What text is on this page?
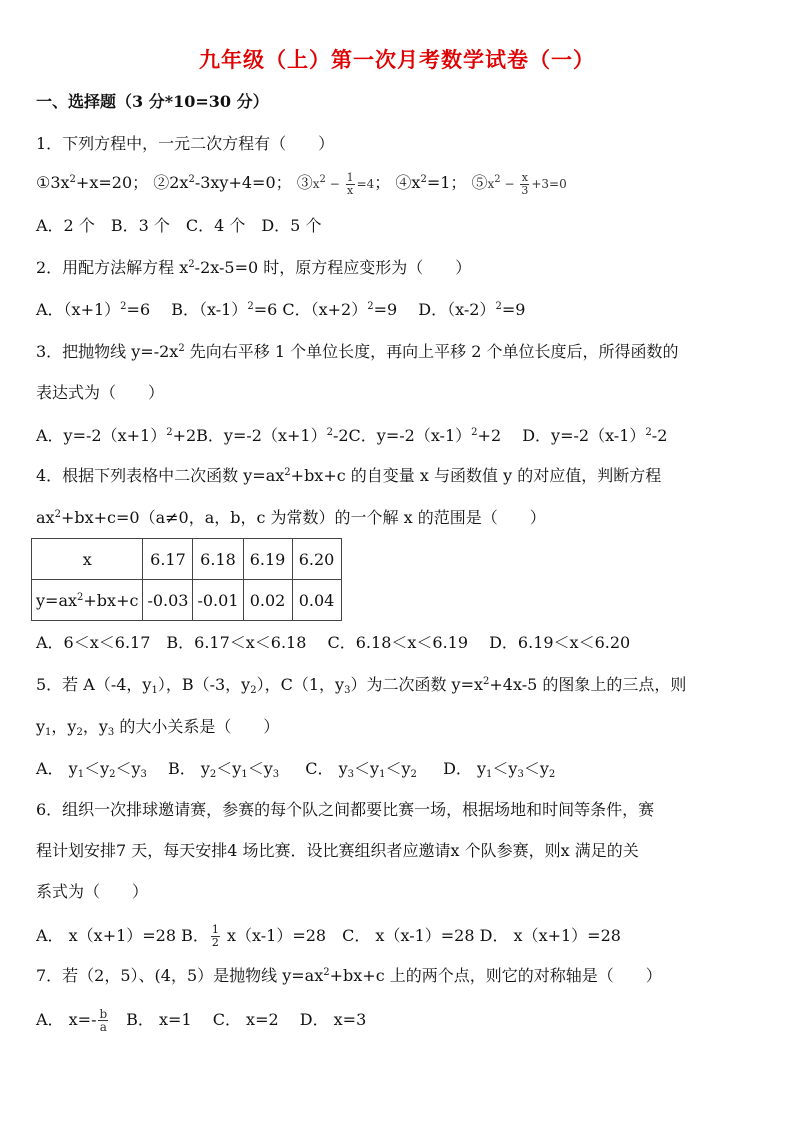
九年级（上）第一次月考数学试卷（一）
一、选择题（3 分*10=30 分）
1．下列方程中，一元二次方程有（　　）
$①3x^2+x=20$； $②2x^2-3xy+4=0$； $③x^2 - \frac{1}{x} =4$； $④x^2=1$； $⑤x^2 - \frac{x}{3} +3=0$
A．2 个　B．3 个　C．4 个　D．5 个
2．用配方法解方程 $x^2-2x-5=0$ 时，原方程应变形为（　　）
A．$(x+1)^2=6$　 B．$(x-1)^2=6$ C．$(x+2)^2=9$　 D．$(x-2)^2=9$
3．把抛物线 $y=-2x^2$ 先向右平移 1 个单位长度，再向上平移 2 个单位长度后，所得函数的
表达式为（　　）
A．$y=-2(x+1)^2+2B$．$y=-2(x+1)^2-2C$．$y=-2(x-1)^2+2$　 D．$y=-2(x-1)^2-2$
4．根据下列表格中二次函数 $y=ax^2+bx+c$ 的自变量 x 与函数值 y 的对应值，判断方程
$ax^2+bx+c=0(a\ne 0$，a，b，c 为常数）的一个解 x 的范围是（　　）
x	6.17	6.18	6.19	6.20
$y=ax^2+bx+c$	-0.03	-0.01	0.02	0.04
A．6＜x＜6.17　B．6.17＜x＜6.18　 C．6.18＜x＜6.19　 D．6.19＜x＜6.20
5．若 A（-4，$y_1$），B（-3，$y_2$），C（1，$y_3$）为二次函数 $y=x^2+4x-5$ 的图象上的三点，则
$y_1$，$y_2$，$y_3$ 的大小关系是（　　）
A． $y_1<y_2<y_3$ 　B． $y_2<y_1<y_3$ 　 C． $y_3<y_1<y_2$ 　 D． $y_1<y_3<y_2$
6．组织一次排球邀请赛，参赛的每个队之间都要比赛一场，根据场地和时间等条件，赛
程计划安排7 天，每天安排4 场比赛．设比赛组织者应邀请x 个队参赛，则x 满足的关
系式为（　　）
A． x（x+1）=28 B． $\frac{1}{2} x(x-1)=28$　C． x（x-1）=28 D． x（x+1）=28
7．若（2，5）、(4，5）是抛物线 $y=ax^2+bx+c$ 上的两个点，则它的对称轴是（　　）
A． $x=- \frac{b}{a}$ 　B． x=1　 C． x=2　 D． x=3
